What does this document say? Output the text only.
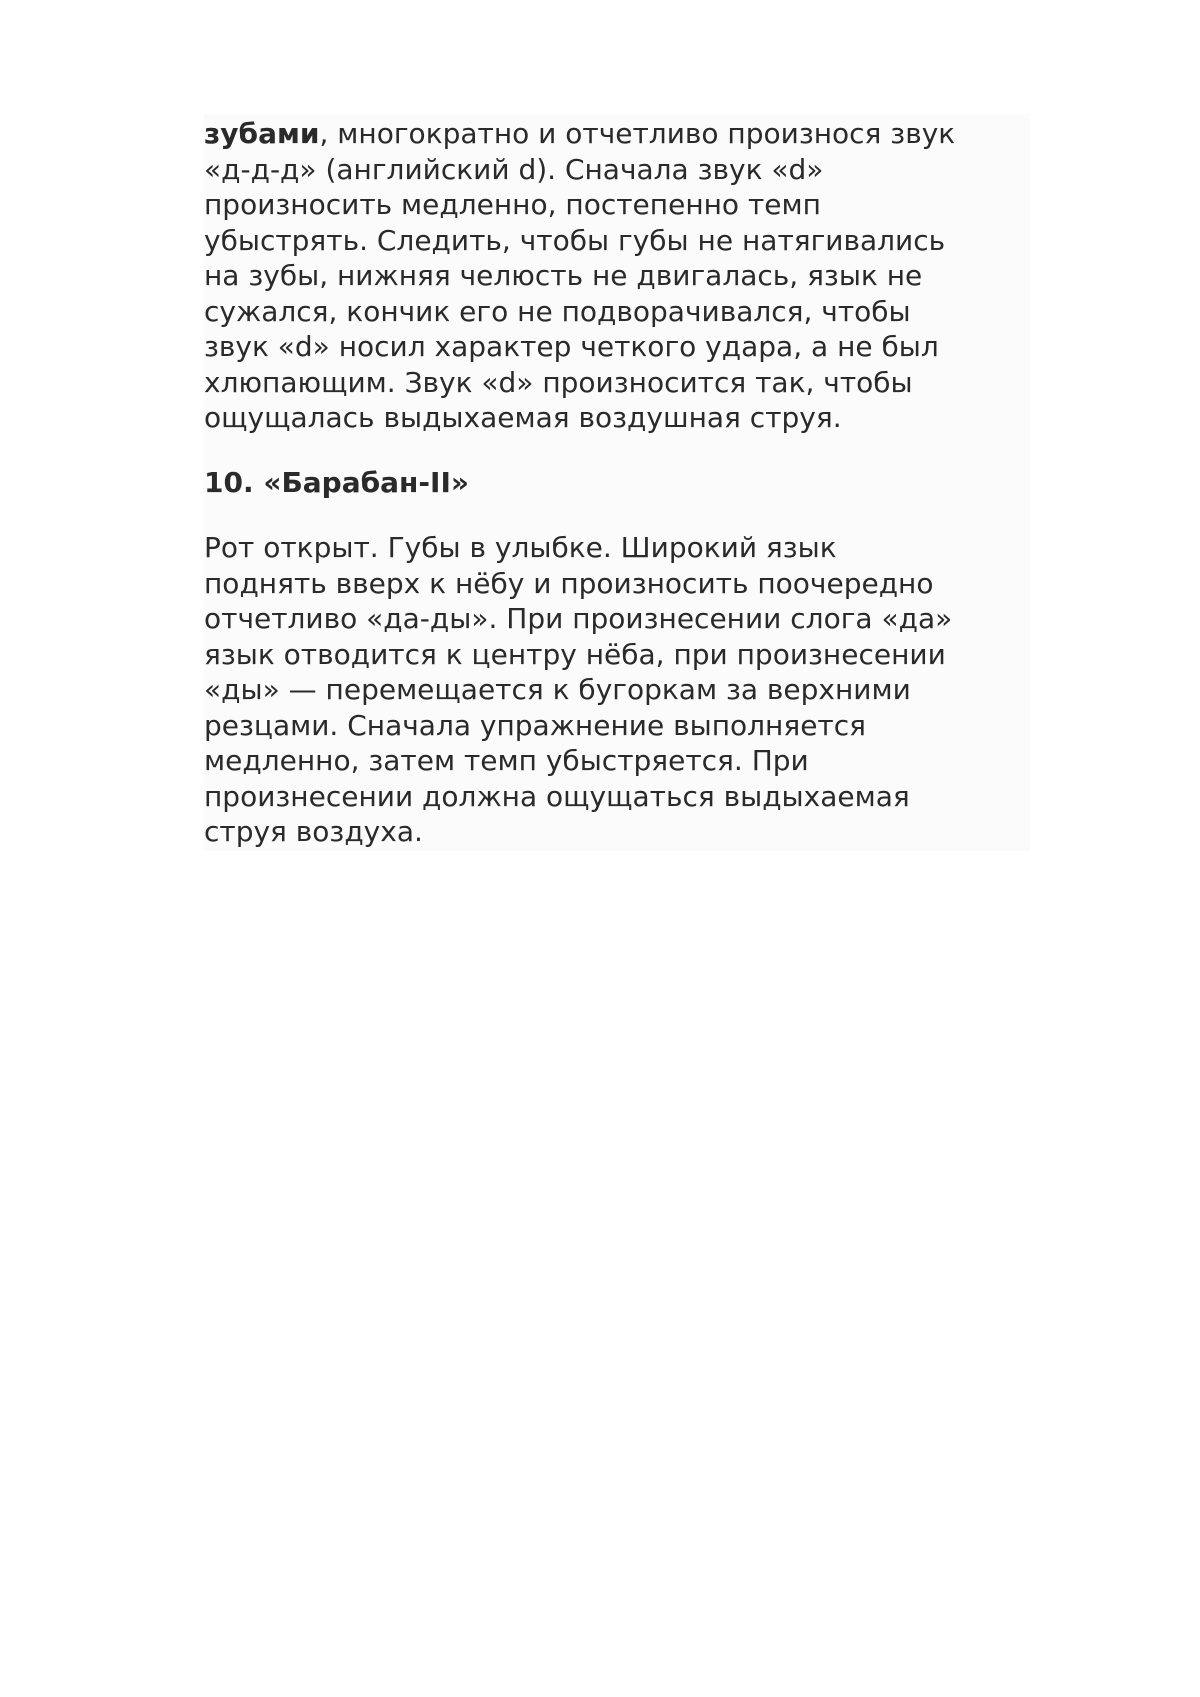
зубами, многократно и отчетливо произнося звук
«д-д-д» (английский d). Сначала звук «d»
произносить медленно, постепенно темп
убыстрять. Следить, чтобы губы не натягивались
на зубы, нижняя челюсть не двигалась, язык не
сужался, кончик его не подворачивался, чтобы
звук «d» носил характер четкого удара, а не был
хлюпающим. Звук «d» произносится так, чтобы
ощущалась выдыхаемая воздушная струя.

10. «Барабан-II»

Рот открыт. Губы в улыбке. Широкий язык
поднять вверх к нёбу и произносить поочередно
отчетливо «да-ды». При произнесении слога «да»
язык отводится к центру нёба, при произнесении
«ды» — перемещается к бугоркам за верхними
резцами. Сначала упражнение выполняется
медленно, затем темп убыстряется. При
произнесении должна ощущаться выдыхаемая
струя воздуха.
